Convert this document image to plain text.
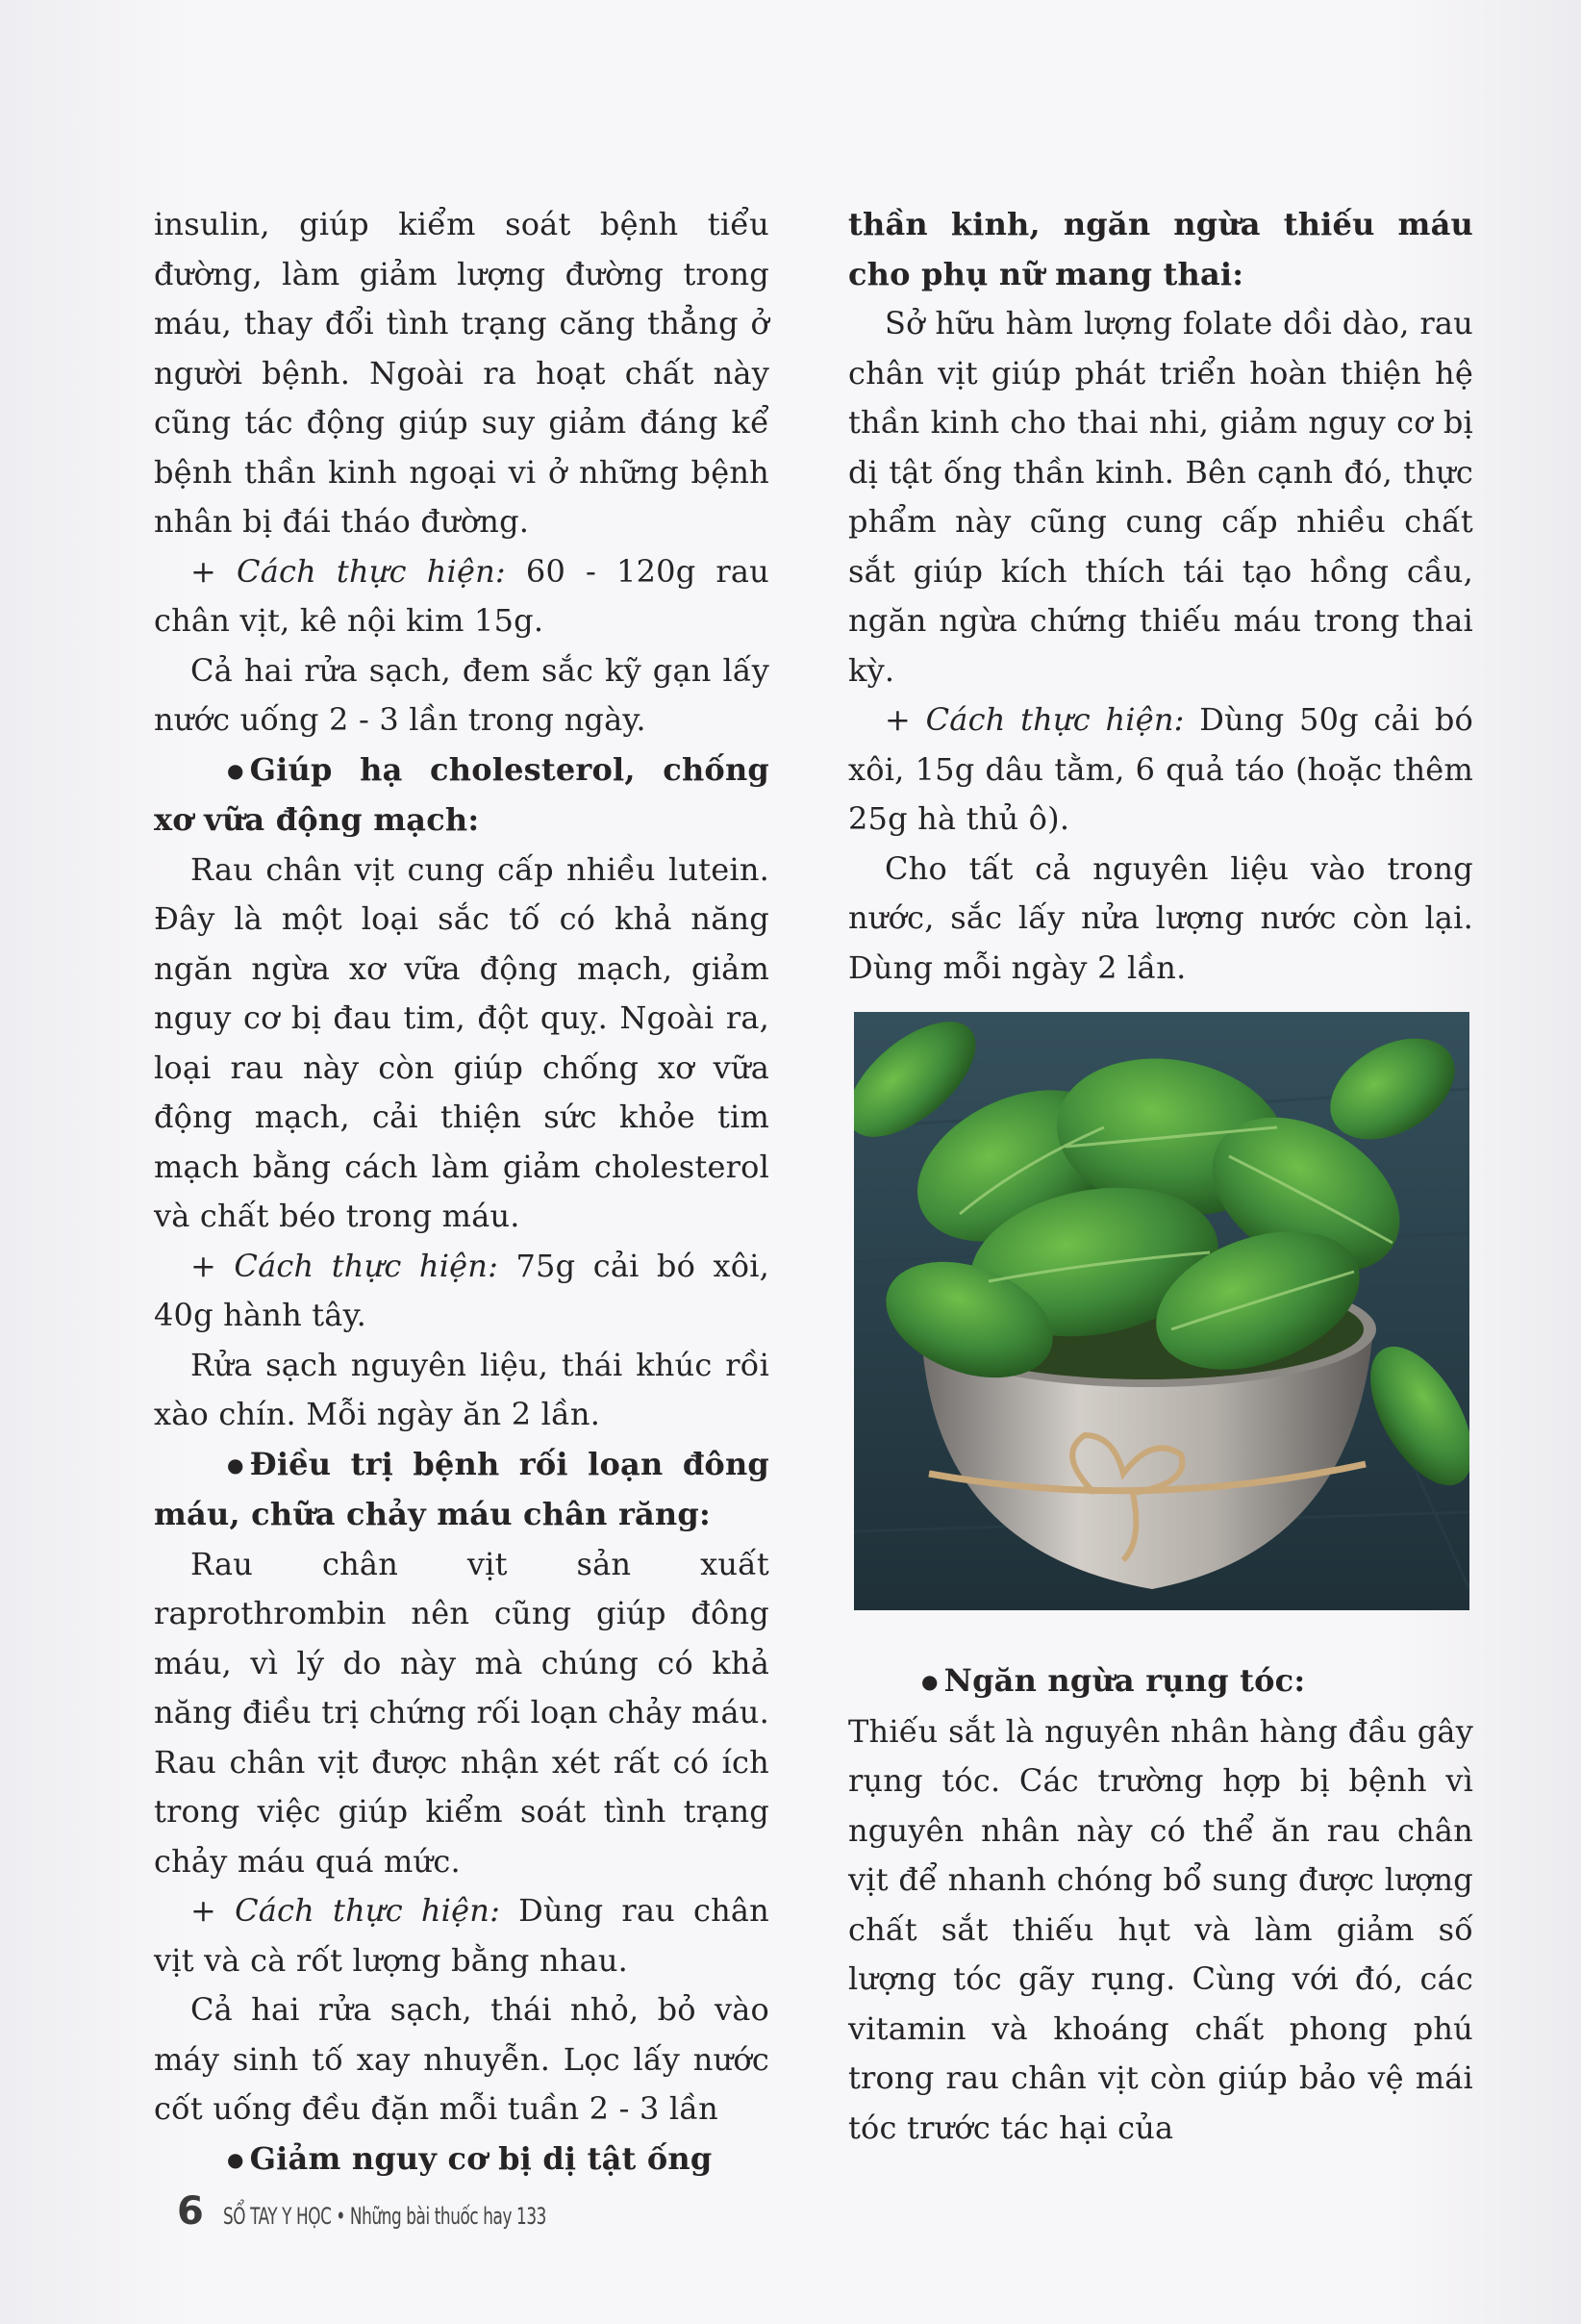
insulin, giúp kiểm soát bệnh tiểu đường, làm giảm lượng đường trong máu, thay đổi tình trạng căng thẳng ở người bệnh. Ngoài ra hoạt chất này cũng tác động giúp suy giảm đáng kể bệnh thần kinh ngoại vi ở những bệnh nhân bị đái tháo đường.

+ Cách thực hiện: 60 - 120g rau chân vịt, kê nội kim 15g.

Cả hai rửa sạch, đem sắc kỹ gạn lấy nước uống 2 - 3 lần trong ngày.

● Giúp hạ cholesterol, chống xơ vữa động mạch:

Rau chân vịt cung cấp nhiều lutein. Đây là một loại sắc tố có khả năng ngăn ngừa xơ vữa động mạch, giảm nguy cơ bị đau tim, đột quỵ. Ngoài ra, loại rau này còn giúp chống xơ vữa động mạch, cải thiện sức khỏe tim mạch bằng cách làm giảm cholesterol và chất béo trong máu.

+ Cách thực hiện: 75g cải bó xôi, 40g hành tây.

Rửa sạch nguyên liệu, thái khúc rồi xào chín. Mỗi ngày ăn 2 lần.

● Điều trị bệnh rối loạn đông máu, chữa chảy máu chân răng:

Rau chân vịt sản xuất raprothrombin nên cũng giúp đông máu, vì lý do này mà chúng có khả năng điều trị chứng rối loạn chảy máu. Rau chân vịt được nhận xét rất có ích trong việc giúp kiểm soát tình trạng chảy máu quá mức.

+ Cách thực hiện: Dùng rau chân vịt và cà rốt lượng bằng nhau.

Cả hai rửa sạch, thái nhỏ, bỏ vào máy sinh tố xay nhuyễn. Lọc lấy nước cốt uống đều đặn mỗi tuần 2 - 3 lần

● Giảm nguy cơ bị dị tật ống

thần kinh, ngăn ngừa thiếu máu cho phụ nữ mang thai:

Sở hữu hàm lượng folate dồi dào, rau chân vịt giúp phát triển hoàn thiện hệ thần kinh cho thai nhi, giảm nguy cơ bị dị tật ống thần kinh. Bên cạnh đó, thực phẩm này cũng cung cấp nhiều chất sắt giúp kích thích tái tạo hồng cầu, ngăn ngừa chứng thiếu máu trong thai kỳ.

+ Cách thực hiện: Dùng 50g cải bó xôi, 15g dâu tằm, 6 quả táo (hoặc thêm 25g hà thủ ô).

Cho tất cả nguyên liệu vào trong nước, sắc lấy nửa lượng nước còn lại. Dùng mỗi ngày 2 lần.

● Ngăn ngừa rụng tóc:

Thiếu sắt là nguyên nhân hàng đầu gây rụng tóc. Các trường hợp bị bệnh vì nguyên nhân này có thể ăn rau chân vịt để nhanh chóng bổ sung được lượng chất sắt thiếu hụt và làm giảm số lượng tóc gãy rụng. Cùng với đó, các vitamin và khoáng chất phong phú trong rau chân vịt còn giúp bảo vệ mái tóc trước tác hại của

6 SỔ TAY Y HỌC • Những bài thuốc hay 133
